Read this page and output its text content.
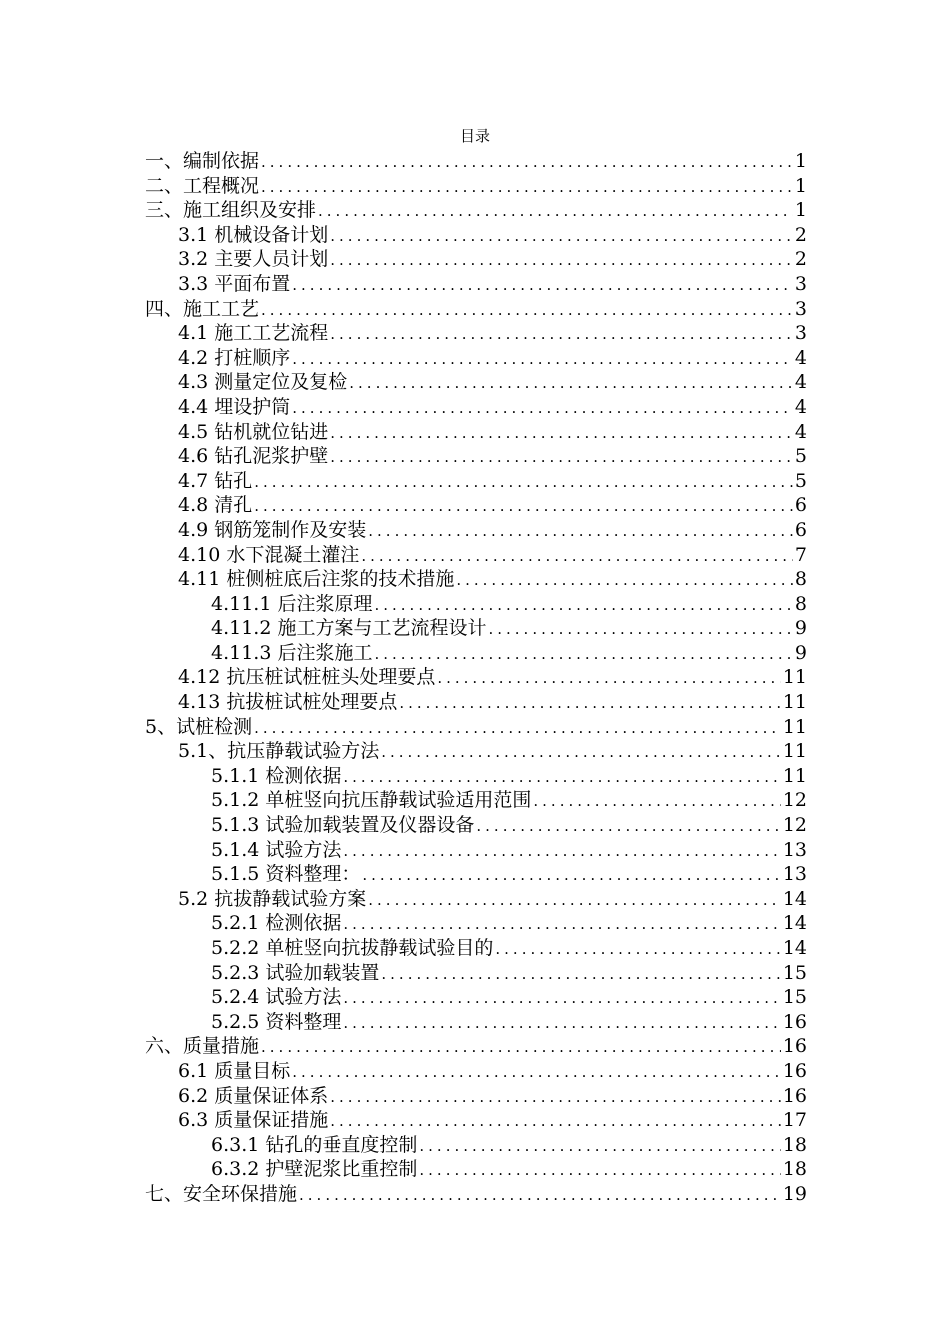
目录
一、编制依据 .....	1
二、工程概况 .....	1
三、施工组织及安排 .....	1
3.1 机械设备计划 .....	2
3.2 主要人员计划 .....	2
3.3 平面布置 .....	3
四、施工工艺 .....	3
4.1 施工工艺流程 .....	3
4.2 打桩顺序 .....	4
4.3 测量定位及复检 .....	4
4.4 埋设护筒 .....	4
4.5 钻机就位钻进 .....	4
4.6 钻孔泥浆护壁 .....	5
4.7 钻孔 .....	5
4.8 清孔 .....	6
4.9 钢筋笼制作及安装 .....	6
4.10 水下混凝土灌注 .....	7
4.11 桩侧桩底后注浆的技术措施 .....	8
4.11.1 后注浆原理 .....	8
4.11.2 施工方案与工艺流程设计 .....	9
4.11.3 后注浆施工 .....	9
4.12 抗压桩试桩桩头处理要点 .....	11
4.13 抗拔桩试桩处理要点 .....	11
5、试桩检测 .....	11
5.1、抗压静载试验方法 .....	11
5.1.1 检测依据 .....	11
5.1.2 单桩竖向抗压静载试验适用范围 .....	12
5.1.3 试验加载装置及仪器设备 .....	12
5.1.4 试验方法 .....	13
5.1.5 资料整理： .....	13
5.2 抗拔静载试验方案 .....	14
5.2.1 检测依据 .....	14
5.2.2 单桩竖向抗拔静载试验目的 .....	14
5.2.3 试验加载装置 .....	15
5.2.4 试验方法 .....	15
5.2.5 资料整理 .....	16
六、质量措施 .....	16
6.1 质量目标 .....	16
6.2 质量保证体系 .....	16
6.3 质量保证措施 .....	17
6.3.1 钻孔的垂直度控制 .....	18
6.3.2 护壁泥浆比重控制 .....	18
七、安全环保措施 .....	19
